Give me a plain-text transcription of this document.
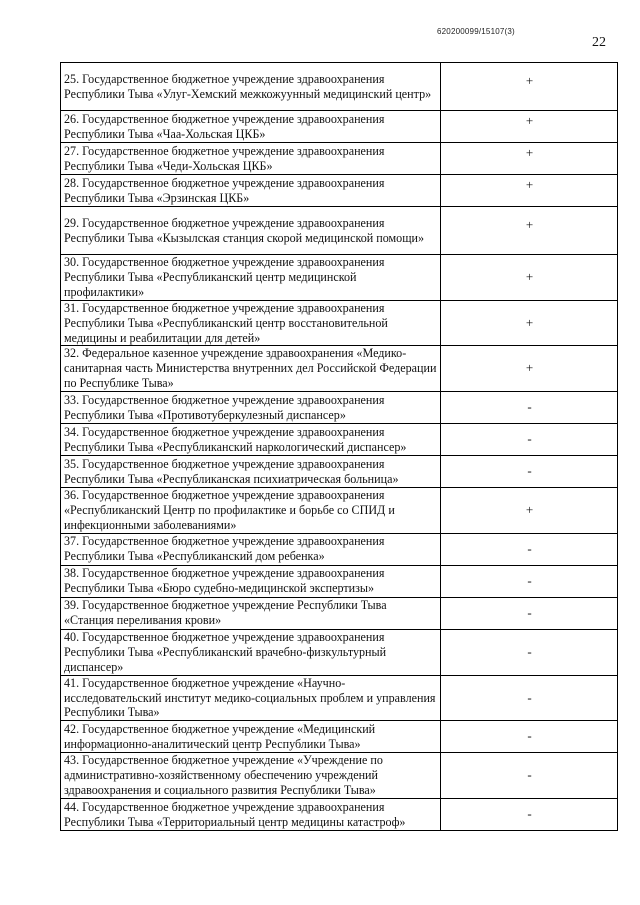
620200099/15107(3)
22
25. Государственное бюджетное учреждение здравоохранения Республики Тыва «Улуг-Хемский межкожуунный медицинский центр»	+
26. Государственное бюджетное учреждение здравоохранения Республики Тыва «Чаа-Хольская ЦКБ»	+
27. Государственное бюджетное учреждение здравоохранения Республики Тыва «Чеди-Хольская ЦКБ»	+
28. Государственное бюджетное учреждение здравоохранения Республики Тыва «Эрзинская ЦКБ»	+
29. Государственное бюджетное учреждение здравоохранения Республики Тыва «Кызылская станция скорой медицинской помощи»	+
30. Государственное бюджетное учреждение здравоохранения Республики Тыва «Республиканский центр медицинской профилактики»	+
31. Государственное бюджетное учреждение здравоохранения Республики Тыва «Республиканский центр восстановительной медицины и реабилитации для детей»	+
32. Федеральное казенное учреждение здравоохранения «Медико-санитарная часть Министерства внутренних дел Российской Федерации по Республике Тыва»	+
33. Государственное бюджетное учреждение здравоохранения Республики Тыва «Противотуберкулезный диспансер»	-
34. Государственное бюджетное учреждение здравоохранения Республики Тыва «Республиканский наркологический диспансер»	-
35. Государственное бюджетное учреждение здравоохранения Республики Тыва «Республиканская психиатрическая больница»	-
36. Государственное бюджетное учреждение здравоохранения «Республиканский Центр по профилактике и борьбе со СПИД и инфекционными заболеваниями»	+
37. Государственное бюджетное учреждение здравоохранения Республики Тыва «Республиканский дом ребенка»	-
38. Государственное бюджетное учреждение здравоохранения Республики Тыва «Бюро судебно-медицинской экспертизы»	-
39. Государственное бюджетное учреждение Республики Тыва «Станция переливания крови»	-
40. Государственное бюджетное учреждение здравоохранения Республики Тыва «Республиканский врачебно-физкультурный диспансер»	-
41. Государственное бюджетное учреждение «Научно-исследовательский институт медико-социальных проблем и управления Республики Тыва»	-
42. Государственное бюджетное учреждение «Медицинский информационно-аналитический центр Республики Тыва»	-
43. Государственное бюджетное учреждение «Учреждение по административно-хозяйственному обеспечению учреждений здравоохранения и социального развития Республики Тыва»	-
44. Государственное бюджетное учреждение здравоохранения Республики Тыва «Территориальный центр медицины катастроф»	-
